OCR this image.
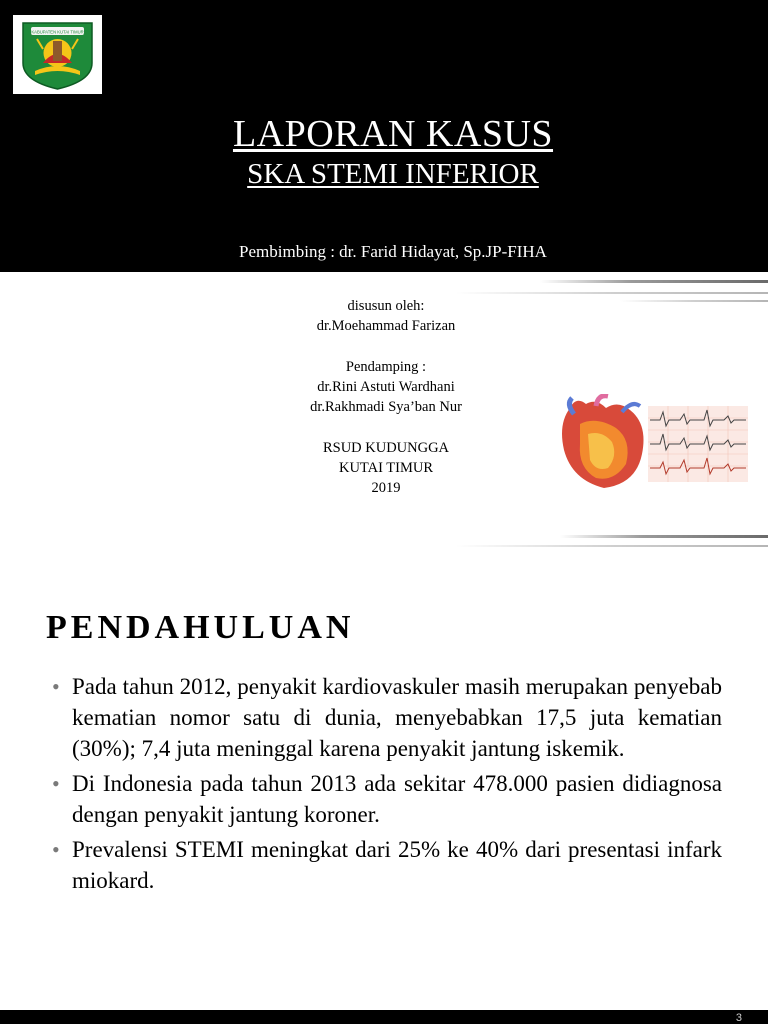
KABUPATEN KUTAI TIMUR
LAPORAN KASUS
SKA STEMI INFERIOR
Pembimbing : dr. Farid Hidayat, Sp.JP-FIHA
disusun oleh:
dr.Moehammad Farizan
Pendamping :
dr.Rini Astuti Wardhani
dr.Rakhmadi Sya’ban Nur
RSUD KUDUNGGA
KUTAI TIMUR
2019
PENDAHULUAN
• Pada tahun 2012, penyakit kardiovaskuler masih merupakan penyebab kematian nomor satu di dunia, menyebabkan 17,5 juta kematian (30%); 7,4 juta meninggal karena penyakit jantung iskemik.
• Di Indonesia pada tahun 2013 ada sekitar 478.000 pasien didiagnosa dengan penyakit jantung koroner.
• Prevalensi STEMI meningkat dari 25% ke 40% dari presentasi infark miokard.
3
